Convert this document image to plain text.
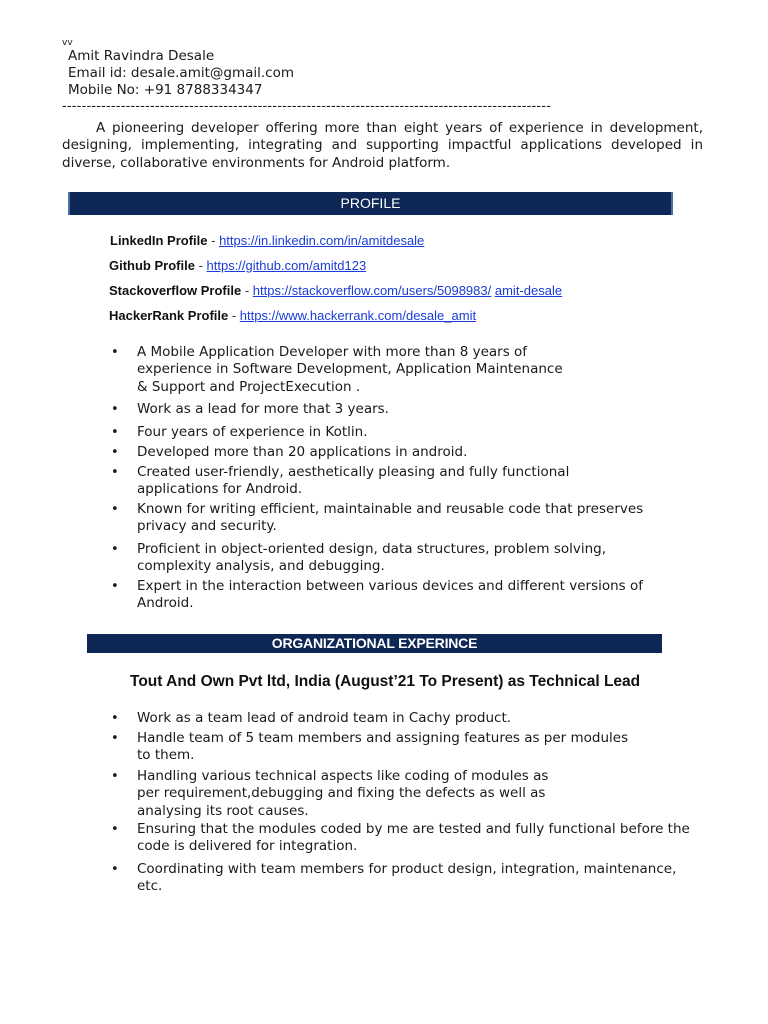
vv
Amit Ravindra Desale
Email id: desale.amit@gmail.com
Mobile No: +91 8788334347
----------------------------------------------------------------------------------------------------

A pioneering developer offering more than eight years of experience in development, designing, implementing, integrating and supporting impactful applications developed in diverse, collaborative environments for Android platform.

PROFILE
LinkedIn Profile - https://in.linkedin.com/in/amitdesale
Github Profile - https://github.com/amitd123
Stackoverflow Profile - https://stackoverflow.com/users/5098983/ amit-desale
HackerRank Profile - https://www.hackerrank.com/desale_amit
• A Mobile Application Developer with more than 8 years of
experience in Software Development, Application Maintenance
& Support and ProjectExecution .
• Work as a lead for more that 3 years.
• Four years of experience in Kotlin.
• Developed more than 20 applications in android.
• Created user-friendly, aesthetically pleasing and fully functional
applications for Android.
• Known for writing efficient, maintainable and reusable code that preserves
privacy and security.
• Proficient in object-oriented design, data structures, problem solving,
complexity analysis, and debugging.
• Expert in the interaction between various devices and different versions of
Android.
ORGANIZATIONAL EXPERINCE
Tout And Own Pvt ltd, India (August’21 To Present) as Technical Lead
• Work as a team lead of android team in Cachy product.
• Handle team of 5 team members and assigning features as per modules
to them.
• Handling various technical aspects like coding of modules as
per requirement,debugging and fixing the defects as well as
analysing its root causes.
• Ensuring that the modules coded by me are tested and fully functional before the
code is delivered for integration.
• Coordinating with team members for product design, integration, maintenance,
etc.
